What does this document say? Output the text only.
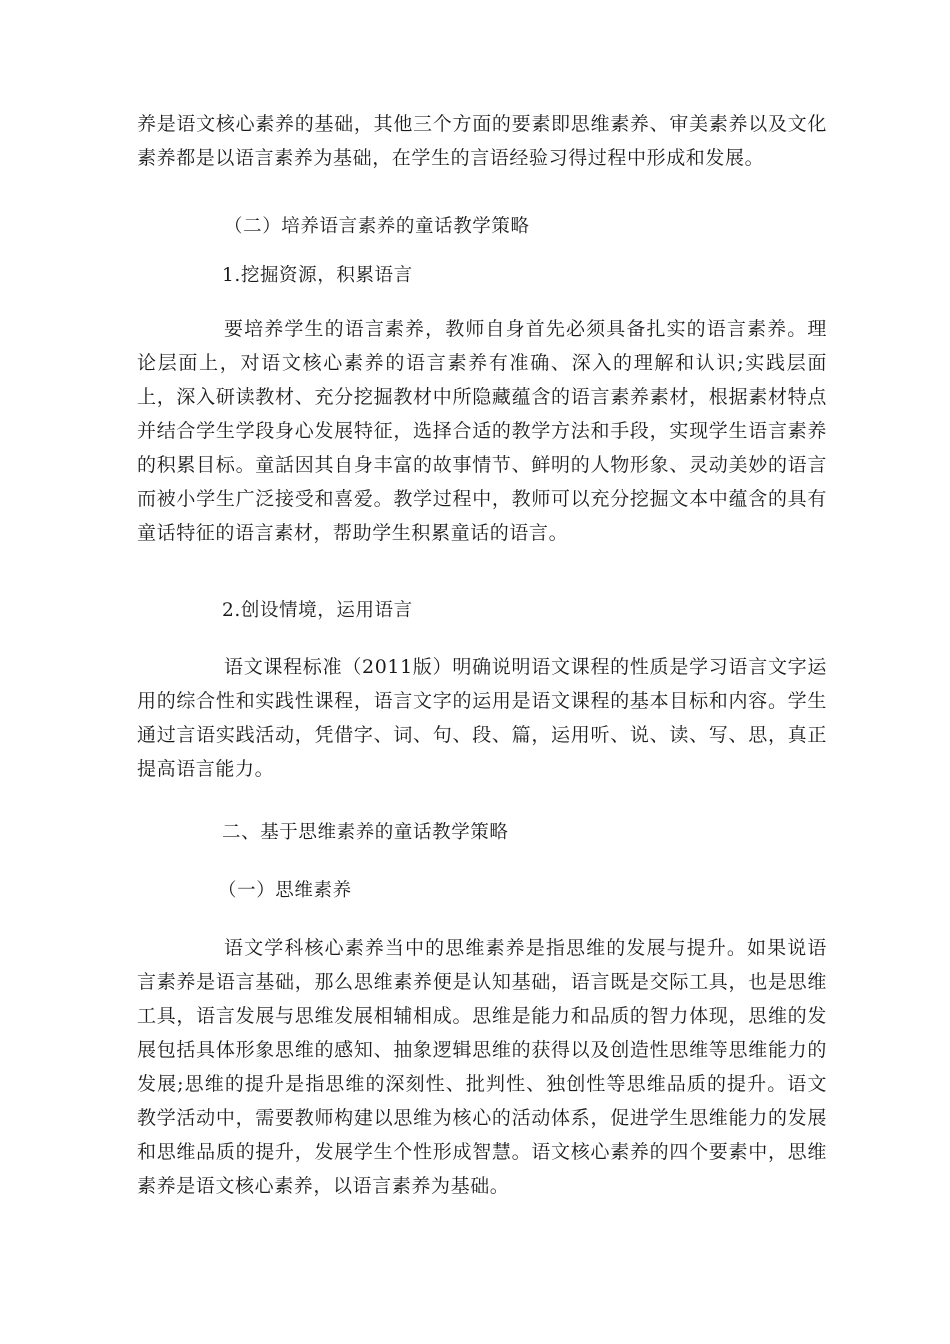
养是语文核心素养的基础，其他三个方面的要素即思维素养、审美素养以及文化素养都是以语言素养为基础，在学生的言语经验习得过程中形成和发展。

（二）培养语言素养的童话教学策略

1.挖掘资源，积累语言

要培养学生的语言素养，教师自身首先必须具备扎实的语言素养。理论层面上，对语文核心素养的语言素养有准确、深入的理解和认识;实践层面上，深入研读教材、充分挖掘教材中所隐藏蕴含的语言素养素材，根据素材特点并结合学生学段身心发展特征，选择合适的教学方法和手段，实现学生语言素养的积累目标。童話因其自身丰富的故事情节、鲜明的人物形象、灵动美妙的语言而被小学生广泛接受和喜爱。教学过程中，教师可以充分挖掘文本中蕴含的具有童话特征的语言素材，帮助学生积累童话的语言。

2.创设情境，运用语言

语文课程标准（2011版）明确说明语文课程的性质是学习语言文字运用的综合性和实践性课程，语言文字的运用是语文课程的基本目标和内容。学生通过言语实践活动，凭借字、词、句、段、篇，运用听、说、读、写、思，真正提高语言能力。

二、基于思维素养的童话教学策略

（一）思维素养

语文学科核心素养当中的思维素养是指思维的发展与提升。如果说语言素养是语言基础，那么思维素养便是认知基础，语言既是交际工具，也是思维工具，语言发展与思维发展相辅相成。思维是能力和品质的智力体现，思维的发展包括具体形象思维的感知、抽象逻辑思维的获得以及创造性思维等思维能力的发展;思维的提升是指思维的深刻性、批判性、独创性等思维品质的提升。语文教学活动中，需要教师构建以思维为核心的活动体系，促进学生思维能力的发展和思维品质的提升，发展学生个性形成智慧。语文核心素养的四个要素中，思维素养是语文核心素养，以语言素养为基础。
